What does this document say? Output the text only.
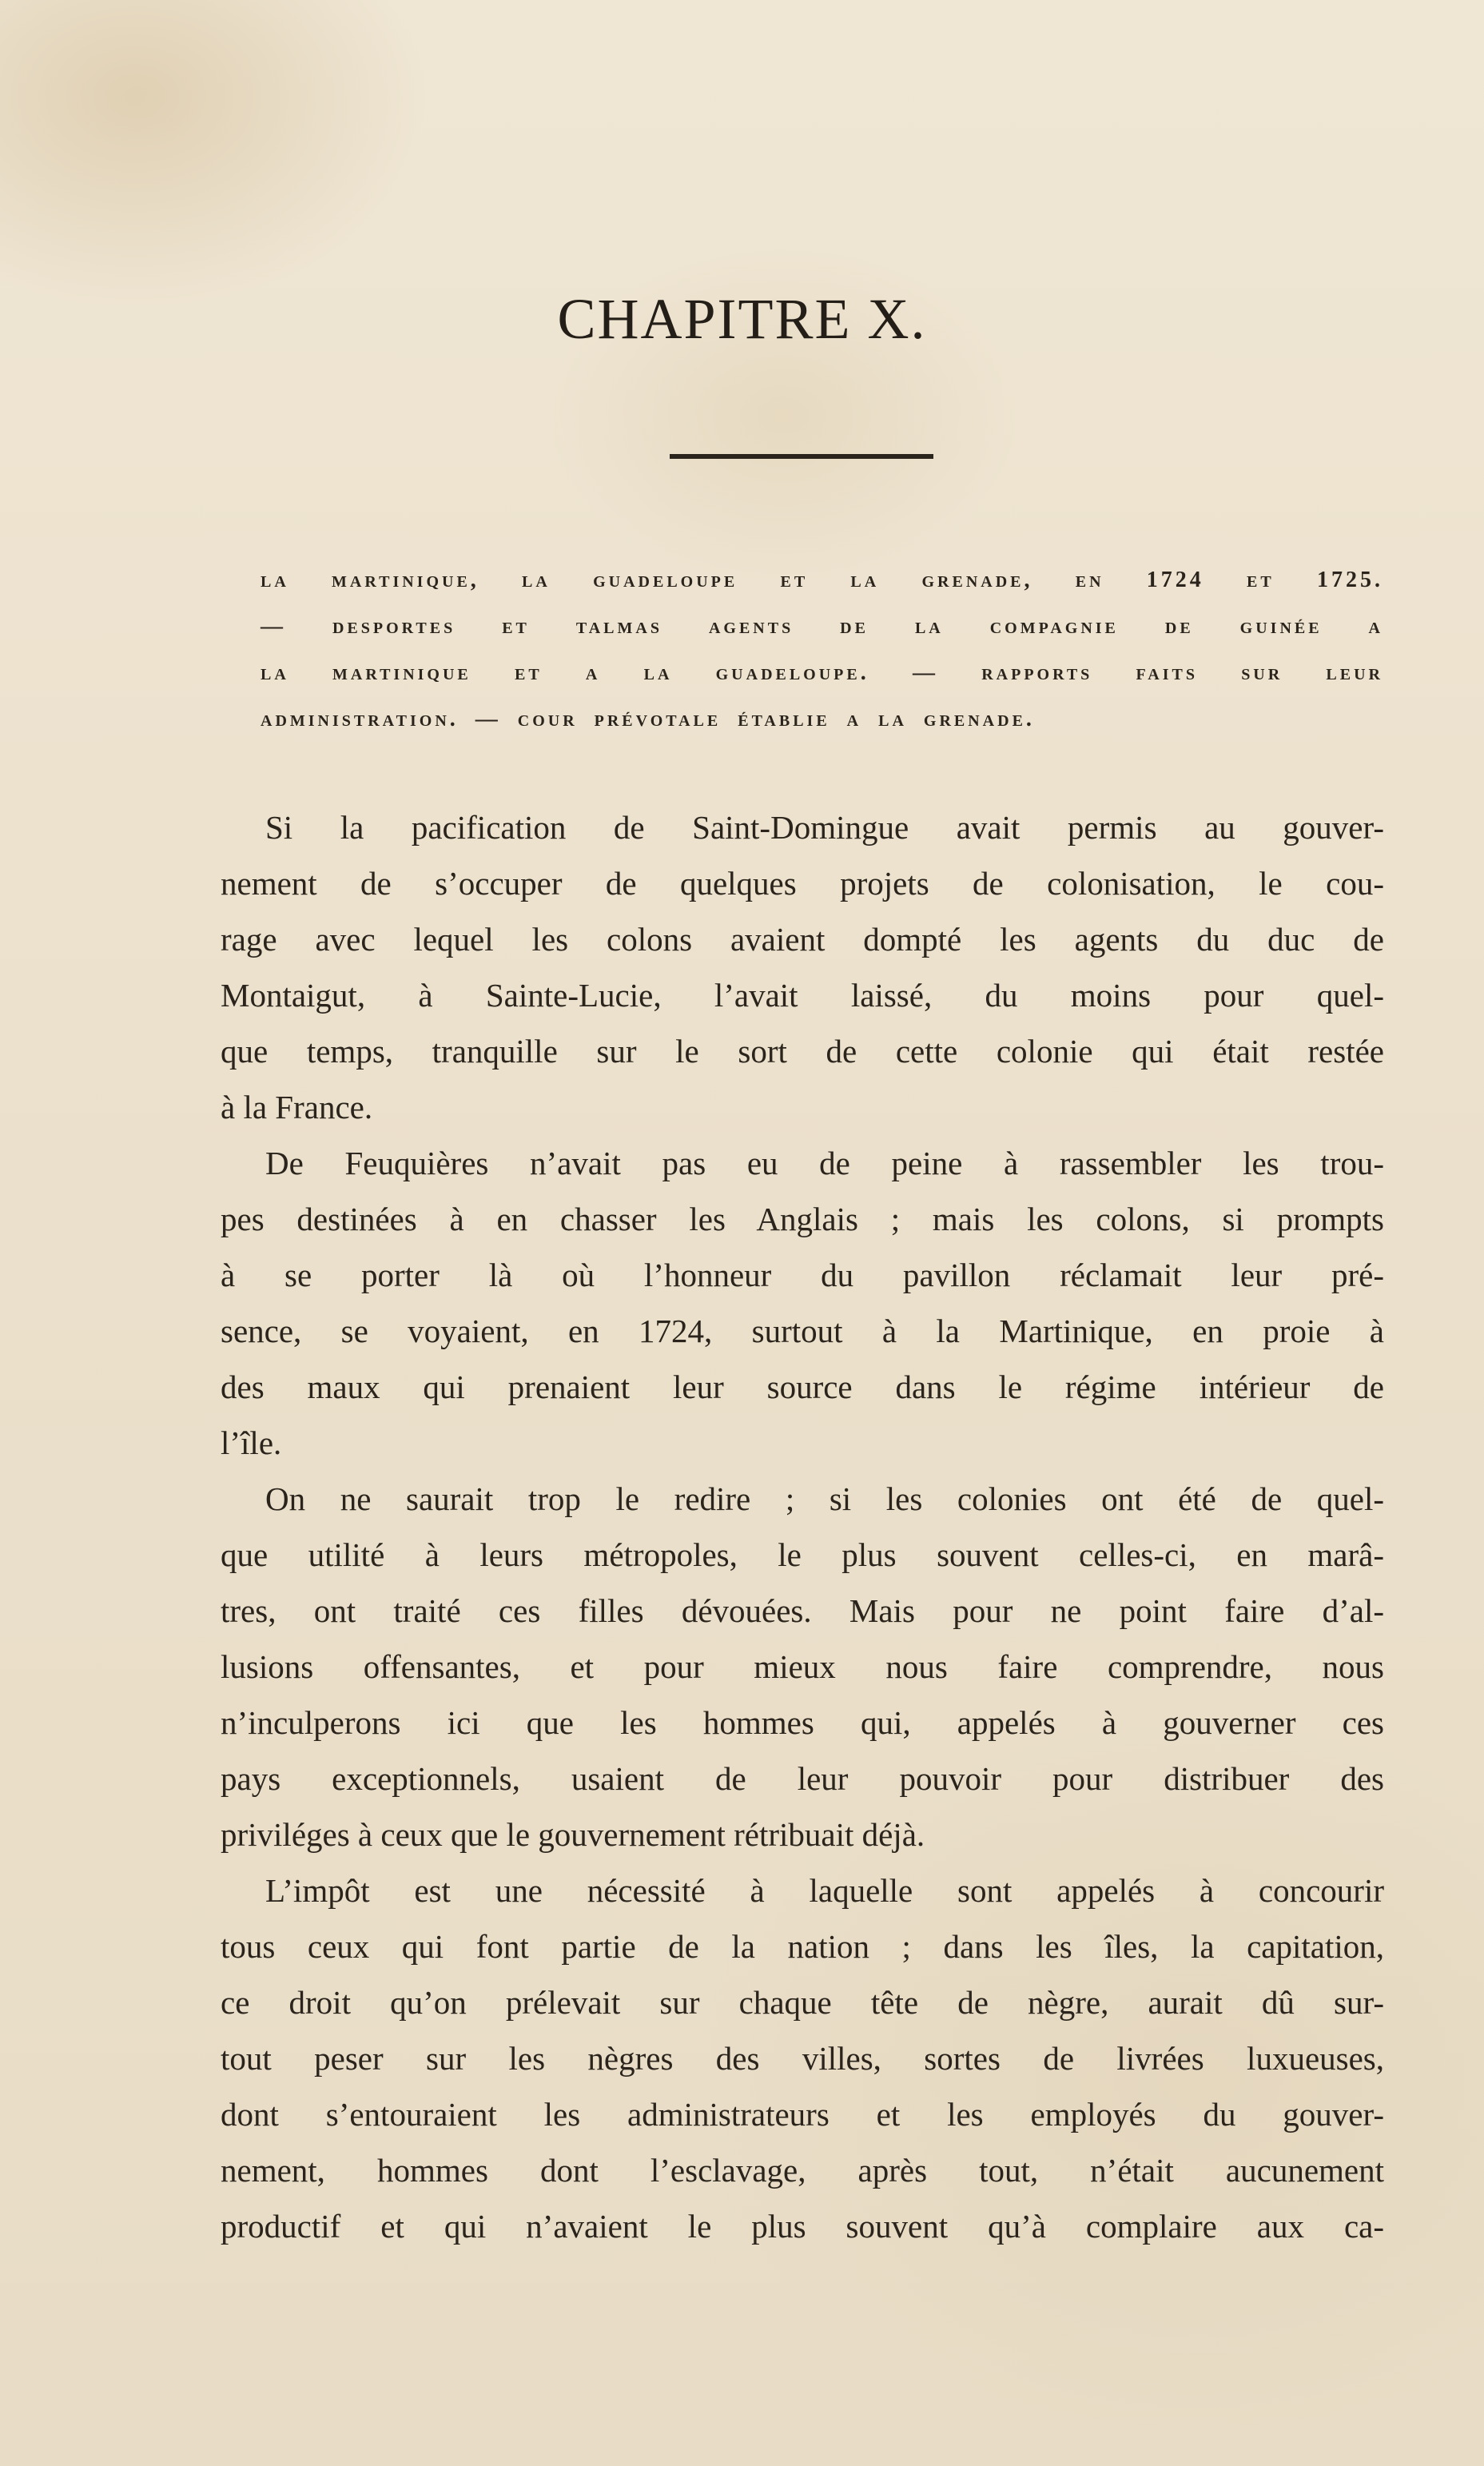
CHAPITRE X.

la martinique, la guadeloupe et la grenade, en 1724 et 1725.
— desportes et talmas agents de la compagnie de guinée a
la martinique et a la guadeloupe. — rapports faits sur leur
administration. — cour prévotale établie a la grenade.

Si la pacification de Saint-Domingue avait permis au gouver-
nement de s’occuper de quelques projets de colonisation, le cou-
rage avec lequel les colons avaient dompté les agents du duc de
Montaigut, à Sainte-Lucie, l’avait laissé, du moins pour quel-
que temps, tranquille sur le sort de cette colonie qui était restée
à la France.
De Feuquières n’avait pas eu de peine à rassembler les trou-
pes destinées à en chasser les Anglais ; mais les colons, si prompts
à se porter là où l’honneur du pavillon réclamait leur pré-
sence, se voyaient, en 1724, surtout à la Martinique, en proie à
des maux qui prenaient leur source dans le régime intérieur de
l’île.
On ne saurait trop le redire ; si les colonies ont été de quel-
que utilité à leurs métropoles, le plus souvent celles-ci, en marâ-
tres, ont traité ces filles dévouées. Mais pour ne point faire d’al-
lusions offensantes, et pour mieux nous faire comprendre, nous
n’inculperons ici que les hommes qui, appelés à gouverner ces
pays exceptionnels, usaient de leur pouvoir pour distribuer des
priviléges à ceux que le gouvernement rétribuait déjà.
L’impôt est une nécessité à laquelle sont appelés à concourir
tous ceux qui font partie de la nation ; dans les îles, la capitation,
ce droit qu’on prélevait sur chaque tête de nègre, aurait dû sur-
tout peser sur les nègres des villes, sortes de livrées luxueuses,
dont s’entouraient les administrateurs et les employés du gouver-
nement, hommes dont l’esclavage, après tout, n’était aucunement
productif et qui n’avaient le plus souvent qu’à complaire aux ca-
